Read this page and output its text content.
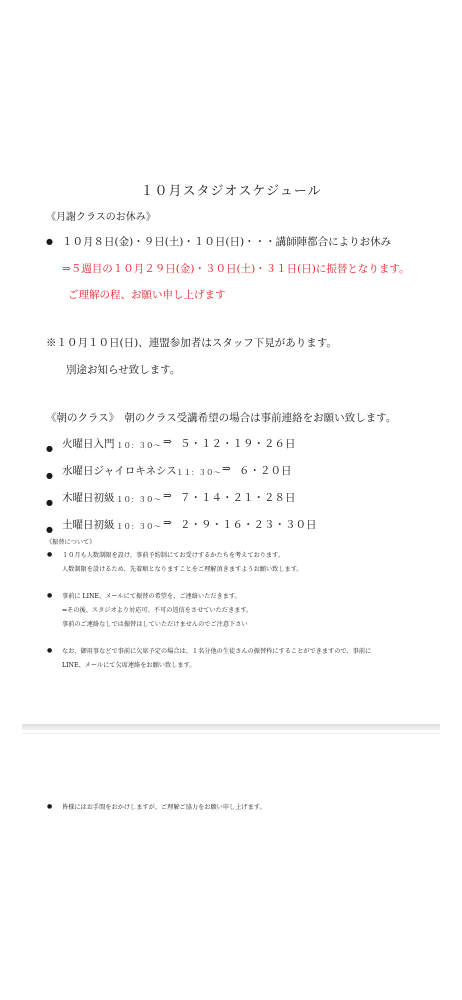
１０月スタジオスケジュール
《月謝クラスのお休み》
● １０月８日(金)・９日(土)・１０日(日)・・・講師陣都合によりお休み
⇒５週目の１０月２９日(金)・３０日(土)・３１日(日)に振替となります。
ご理解の程、お願い申し上げます
※１０月１０日(日)、連盟参加者はスタッフ下見があります。
別途お知らせ致します。
《朝のクラス》　朝のクラス受講希望の場合は事前連絡をお願い致します。
● 火曜日入門 １０：３０～ ⇒ ５・１２・１９・２６日
● 水曜日ジャイロキネシス １１：３０～ ⇒ ６・２０日
● 木曜日初級 １０：３０～ ⇒ ７・１４・２１・２８日
● 土曜日初級 １０：３０～ ⇒ ２・９・１６・２３・３０日
《振替について》
● １０月も人数制限を設け、事前予約制にてお受けするかたちを考えております。
人数制限を設けるため、先着順となりますことをご理解頂きますようお願い致します。
● 事前に LINE、メールにて振替の希望を、ご連絡いただきます。
⇒その後、スタジオより対応可、不可の返信をさせていただきます。
事前のご連絡なしでは振替はしていただけませんのでご注意下さい
● なお、御用事などで事前に欠席予定の場合は、１名分他の生徒さんの振替枠にすることができますので、事前に
LINE、メールにて欠席連絡をお願い致します。
● 皆様にはお手間をおかけしますが、ご理解ご協力をお願い申し上げます。
